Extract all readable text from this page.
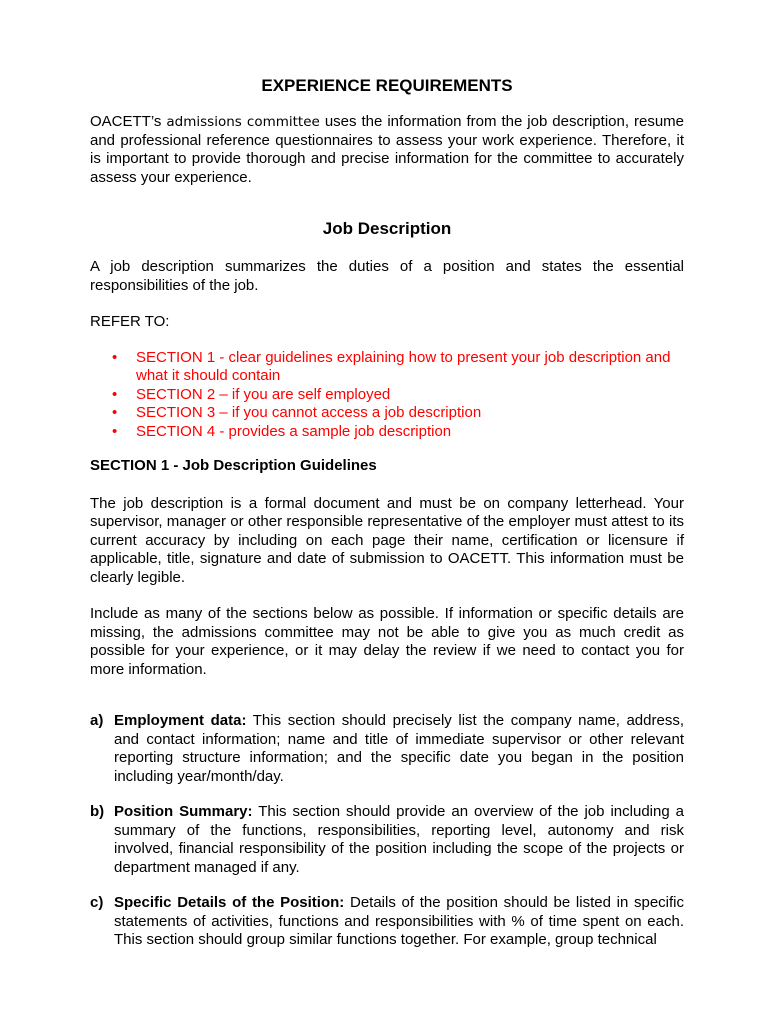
EXPERIENCE REQUIREMENTS

OACETT’s admissions committee uses the information from the job description, resume and professional reference questionnaires to assess your work experience. Therefore, it is important to provide thorough and precise information for the committee to accurately assess your experience.

Job Description

A job description summarizes the duties of a position and states the essential responsibilities of the job.

REFER TO:

• SECTION 1 - clear guidelines explaining how to present your job description and what it should contain
• SECTION 2 – if you are self employed
• SECTION 3 – if you cannot access a job description
• SECTION 4 - provides a sample job description

SECTION 1 - Job Description Guidelines

The job description is a formal document and must be on company letterhead. Your supervisor, manager or other responsible representative of the employer must attest to its current accuracy by including on each page their name, certification or licensure if applicable, title, signature and date of submission to OACETT. This information must be clearly legible.

Include as many of the sections below as possible. If information or specific details are missing, the admissions committee may not be able to give you as much credit as possible for your experience, or it may delay the review if we need to contact you for more information.

a) Employment data: This section should precisely list the company name, address, and contact information; name and title of immediate supervisor or other relevant reporting structure information; and the specific date you began in the position including year/month/day.
b) Position Summary: This section should provide an overview of the job including a summary of the functions, responsibilities, reporting level, autonomy and risk involved, financial responsibility of the position including the scope of the projects or department managed if any.
c) Specific Details of the Position: Details of the position should be listed in specific statements of activities, functions and responsibilities with % of time spent on each. This section should group similar functions together. For example, group technical
